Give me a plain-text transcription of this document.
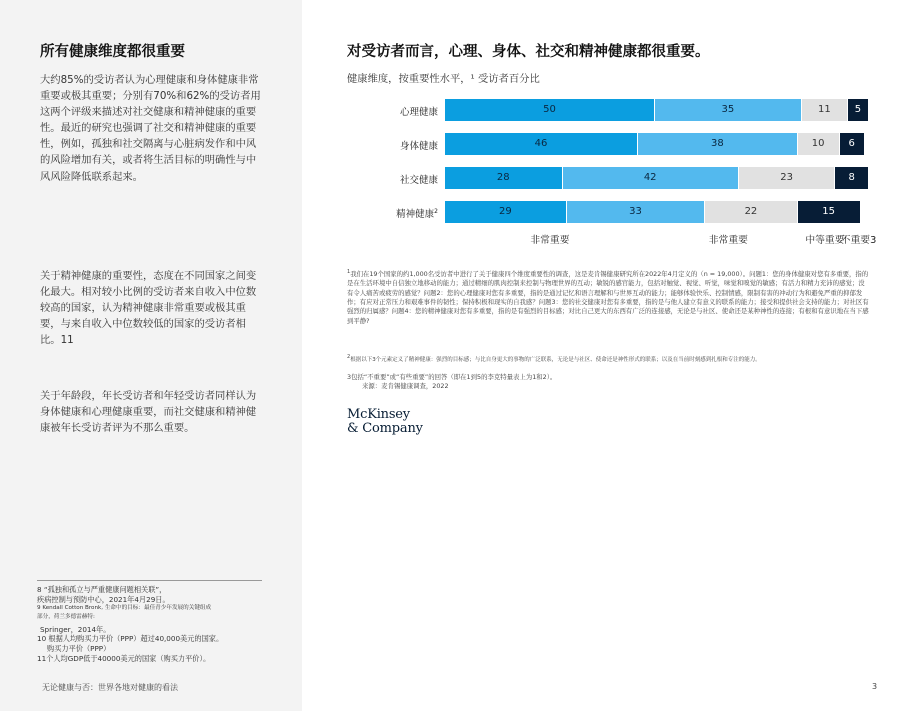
所有健康维度都很重要
大约85%的受访者认为心理健康和身体健康非常重要或极其重要；分别有70%和62%的受访者用这两个评级来描述对社交健康和精神健康的重要性。最近的研究也强调了社交和精神健康的重要性，例如，孤独和社交隔离与心脏病发作和中风的风险增加有关，或者将生活目标的明确性与中风风险降低联系起来。
关于精神健康的重要性，态度在不同国家之间变化最大。相对较小比例的受访者来自收入中位数较高的国家，认为精神健康非常重要或极其重要，与来自收入中位数较低的国家的受访者相比。11
关于年龄段，年长受访者和年轻受访者同样认为身体健康和心理健康重要，而社交健康和精神健康被年长受访者评为不那么重要。
8 “孤独和孤立与严重健康问题相关联”，
疾病控制与预防中心，2021年4月29日。
9 Kendall Cotton Bronk, 生命中的目标：最佳青少年发展的关键组成
部分，荷兰多德雷赫特:
Springer，2014年。
10 根据人均购买力平价（PPP）超过40,000美元的国家。
购买力平价（PPP）
11个人均GDP低于40000美元的国家（购买力平价）。
无论健康与否：世界各地对健康的看法
对受访者而言，心理、身体、社交和精神健康都很重要。
健康维度，按重要性水平，¹ 受访者百分比
心理健康	50	35	11	5
身体健康	46	38	10	6
社交健康	28	42	23	8
精神健康$^2$	29	33	22	15
非常重要	非常重要	中等重要
不重要3
$^1$我们在19个国家的约1,000名受访者中进行了关于健康四个维度重要性的调查，这是麦肯锡健康研究所在2022年4月定义的（n = 19,000）。问题1：您的身体健康对您有多重要，指的是在生活环境中自信独立地移动的能力；通过精细的肌肉控制来控制与物理世界的互动；敏锐的感官能力，包括对触觉、视觉、听觉，味觉和嗅觉的敏感；有活力和精力充沛的感觉；没有令人痛苦或疲劳的感觉？问题2：您的心理健康对您有多重要，指的是通过记忆和语言理解和与世界互动的能力；能够体验快乐、控制情感，限制有害的冲动行为和避免严重的抑郁发作；有应对正常压力和艰难事件的韧性；保持积极和现实的自我感？问题3：您的社交健康对您有多重要，指的是与他人建立有意义的联系的能力；接受和提供社会支持的能力；对社区有强烈的归属感？问题4：您的精神健康对您有多重要，指的是有强烈的目标感；对比自己更大的东西有广泛的连接感，无论是与社区、使命还是某种神性的连接；有根和有意识地在当下感到平静?
$^2$根据以下3个元素定义了精神健康：强烈的目标感；与比自身更大的事物的广泛联系，无论是与社区、使命还是神性形式的联系；以及在当前时刻感到扎根和专注的能力。
3包括“不重要”或“有些重要”的回答（即在1到5的李克特量表上为1和2）。
来源：麦肯锡健康调查，2022
McKinsey
& Company
3
